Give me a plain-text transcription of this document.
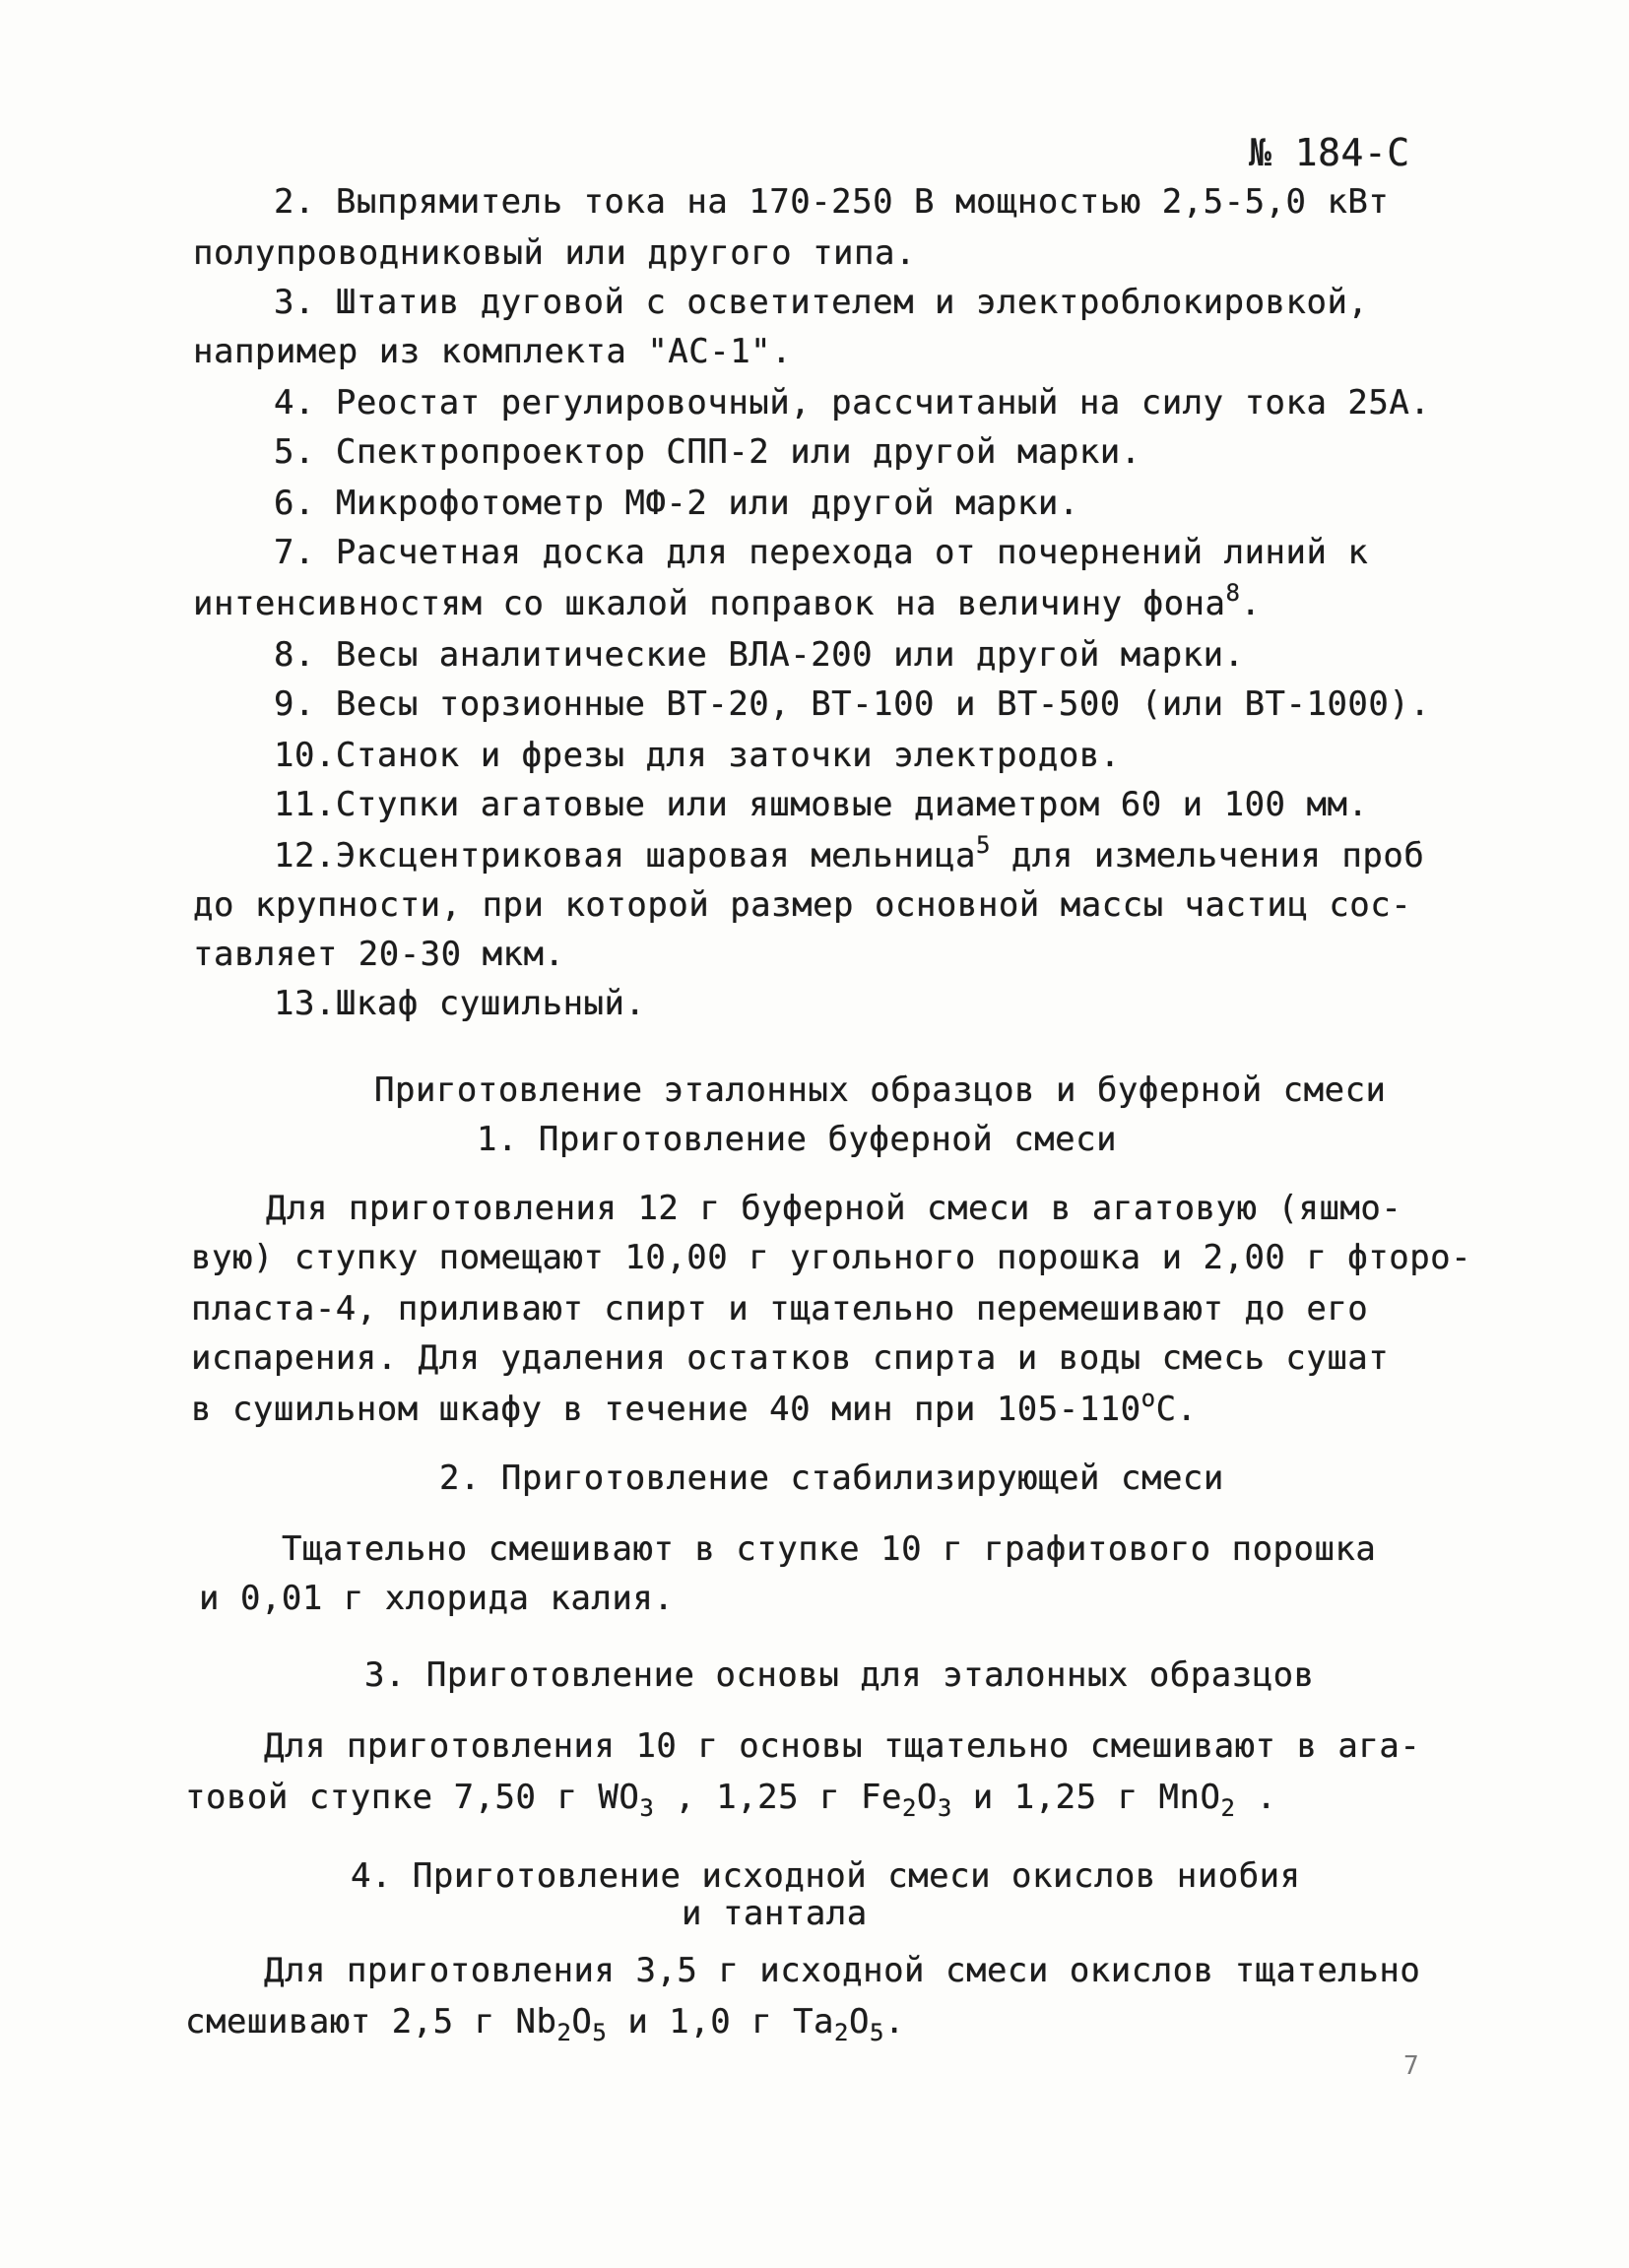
№ 184-С
2. Выпрямитель тока на 170-250 В мощностью 2,5-5,0 кВт
полупроводниковый или другого типа.
3. Штатив дуговой с осветителем и электроблокировкой,
например из комплекта "АС-1".
4. Реостат регулировочный, рассчитаный на силу тока 25А.
5. Спектропроектор СПП-2 или другой марки.
6. Микрофотометр МФ-2 или другой марки.
7. Расчетная доска для перехода от почернений линий к
интенсивностям со шкалой поправок на величину фона$^8$.
8. Весы аналитические ВЛА-200 или другой марки.
9. Весы торзионные ВТ-20, ВТ-100 и ВТ-500 (или ВТ-1000).
10.Станок и фрезы для заточки электродов.
11.Ступки агатовые или яшмовые диаметром 60 и 100 мм.
12.Эксцентриковая шаровая мельница$^5$ для измельчения проб
до крупности, при которой размер основной массы частиц сос-
тавляет 20-30 мкм.
13.Шкаф сушильный.
Приготовление эталонных образцов и буферной смеси
1. Приготовление буферной смеси
Для приготовления 12 г буферной смеси в агатовую (яшмо-
вую) ступку помещают 10,00 г угольного порошка и 2,00 г фторо-
пласта-4, приливают спирт и тщательно перемешивают до его
испарения. Для удаления остатков спирта и воды смесь сушат
в сушильном шкафу в течение 40 мин при $105-110^оС$.
2. Приготовление стабилизирующей смеси
Тщательно смешивают в ступке 10 г графитового порошка
и 0,01 г хлорида калия.
3. Приготовление основы для эталонных образцов
Для приготовления 10 г основы тщательно смешивают в ага-
товой ступке 7,50 г $WO_3$ , 1,25 г $Fe_2O_3$ и 1,25 г MnO$_2$ .
4. Приготовление исходной смеси окислов ниобия
и тантала
Для приготовления 3,5 г исходной смеси окислов тщательно
смешивают 2,5 г $Nb_2O_5$ и 1,0 г $Ta_2O_5$.
7
